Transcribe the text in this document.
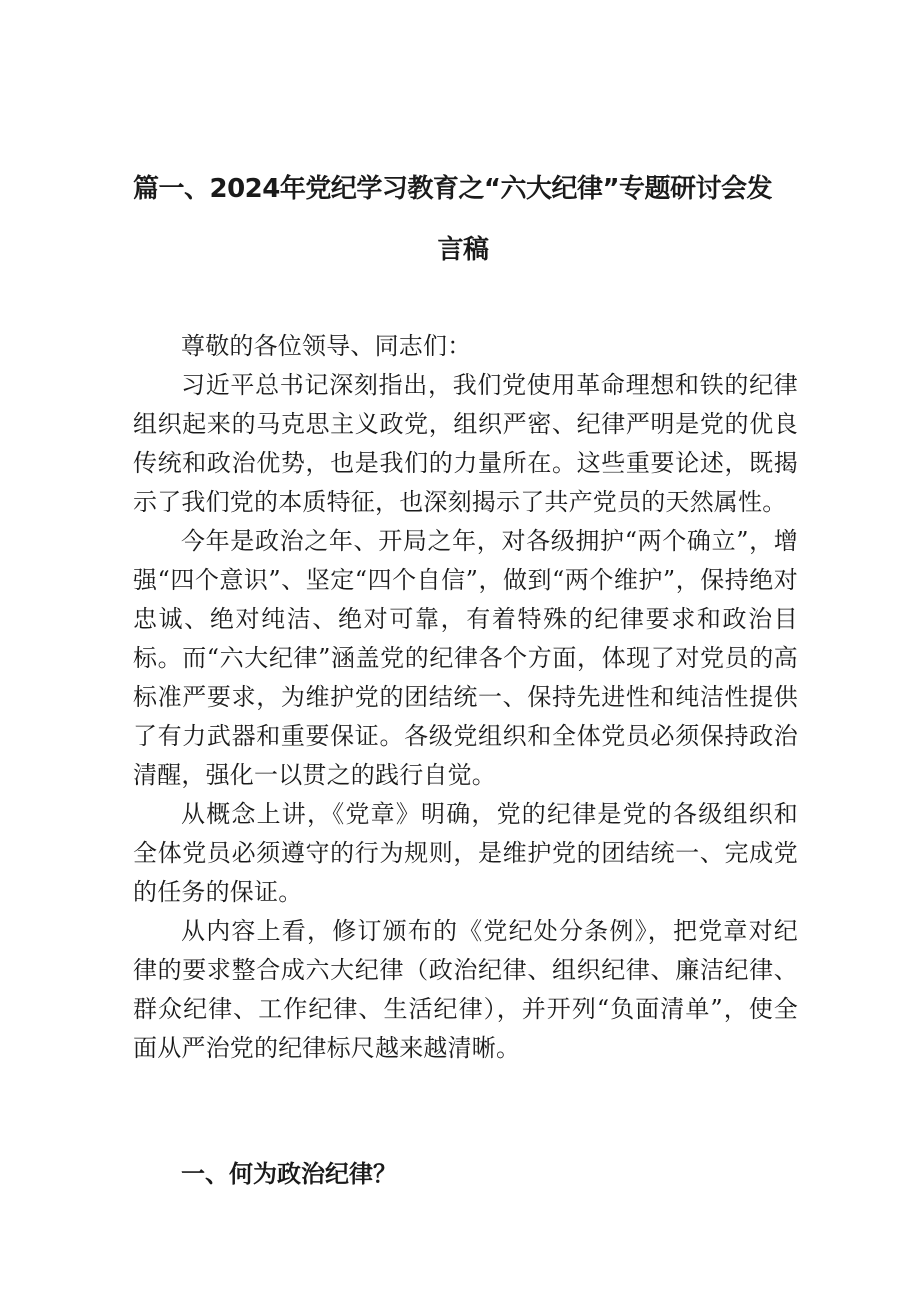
篇一、2024年党纪学习教育之“六大纪律”专题研讨会发
言稿

尊敬的各位领导、同志们：

习近平总书记深刻指出，我们党使用革命理想和铁的纪律组织起来的马克思主义政党，组织严密、纪律严明是党的优良传统和政治优势，也是我们的力量所在。这些重要论述，既揭示了我们党的本质特征，也深刻揭示了共产党员的天然属性。

今年是政治之年、开局之年，对各级拥护“两个确立”，增强“四个意识”、坚定“四个自信”，做到“两个维护”，保持绝对忠诚、绝对纯洁、绝对可靠，有着特殊的纪律要求和政治目标。而“六大纪律”涵盖党的纪律各个方面，体现了对党员的高标准严要求，为维护党的团结统一、保持先进性和纯洁性提供了有力武器和重要保证。各级党组织和全体党员必须保持政治清醒，强化一以贯之的践行自觉。

从概念上讲，《党章》明确，党的纪律是党的各级组织和全体党员必须遵守的行为规则，是维护党的团结统一、完成党的任务的保证。

从内容上看，修订颁布的《党纪处分条例》，把党章对纪律的要求整合成六大纪律（政治纪律、组织纪律、廉洁纪律、群众纪律、工作纪律、生活纪律），并开列“负面清单”，使全面从严治党的纪律标尺越来越清晰。

一、何为政治纪律？
